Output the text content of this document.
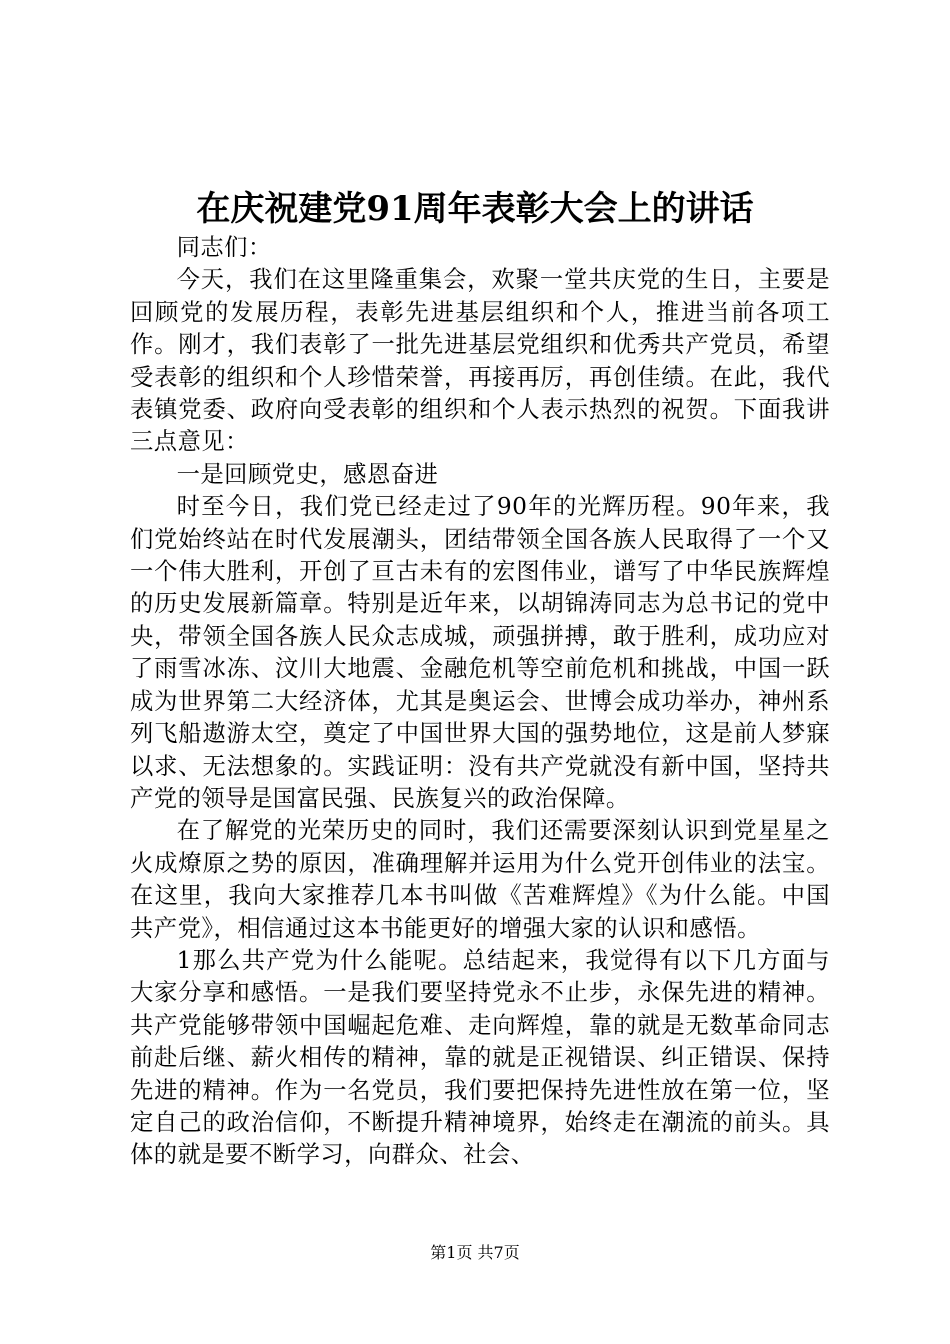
在庆祝建党91周年表彰大会上的讲话

同志们：

今天，我们在这里隆重集会，欢聚一堂共庆党的生日，主要是回顾党的发展历程，表彰先进基层组织和个人，推进当前各项工作。刚才，我们表彰了一批先进基层党组织和优秀共产党员，希望受表彰的组织和个人珍惜荣誉，再接再厉，再创佳绩。在此，我代表镇党委、政府向受表彰的组织和个人表示热烈的祝贺。下面我讲三点意见：

一是回顾党史，感恩奋进

时至今日，我们党已经走过了90年的光辉历程。90年来，我们党始终站在时代发展潮头，团结带领全国各族人民取得了一个又一个伟大胜利，开创了亘古未有的宏图伟业，谱写了中华民族辉煌的历史发展新篇章。特别是近年来，以胡锦涛同志为总书记的党中央，带领全国各族人民众志成城，顽强拼搏，敢于胜利，成功应对了雨雪冰冻、汶川大地震、金融危机等空前危机和挑战，中国一跃成为世界第二大经济体，尤其是奥运会、世博会成功举办，神州系列飞船遨游太空，奠定了中国世界大国的强势地位，这是前人梦寐以求、无法想象的。实践证明：没有共产党就没有新中国，坚持共产党的领导是国富民强、民族复兴的政治保障。

在了解党的光荣历史的同时，我们还需要深刻认识到党星星之火成燎原之势的原因，准确理解并运用为什么党开创伟业的法宝。在这里，我向大家推荐几本书叫做《苦难辉煌》《为什么能。中国共产党》，相信通过这本书能更好的增强大家的认识和感悟。

1那么共产党为什么能呢。总结起来，我觉得有以下几方面与大家分享和感悟。一是我们要坚持党永不止步，永保先进的精神。共产党能够带领中国崛起危难、走向辉煌，靠的就是无数革命同志前赴后继、薪火相传的精神，靠的就是正视错误、纠正错误、保持先进的精神。作为一名党员，我们要把保持先进性放在第一位，坚定自己的政治信仰，不断提升精神境界，始终走在潮流的前头。具体的就是要不断学习，向群众、社会、

第1页 共7页
